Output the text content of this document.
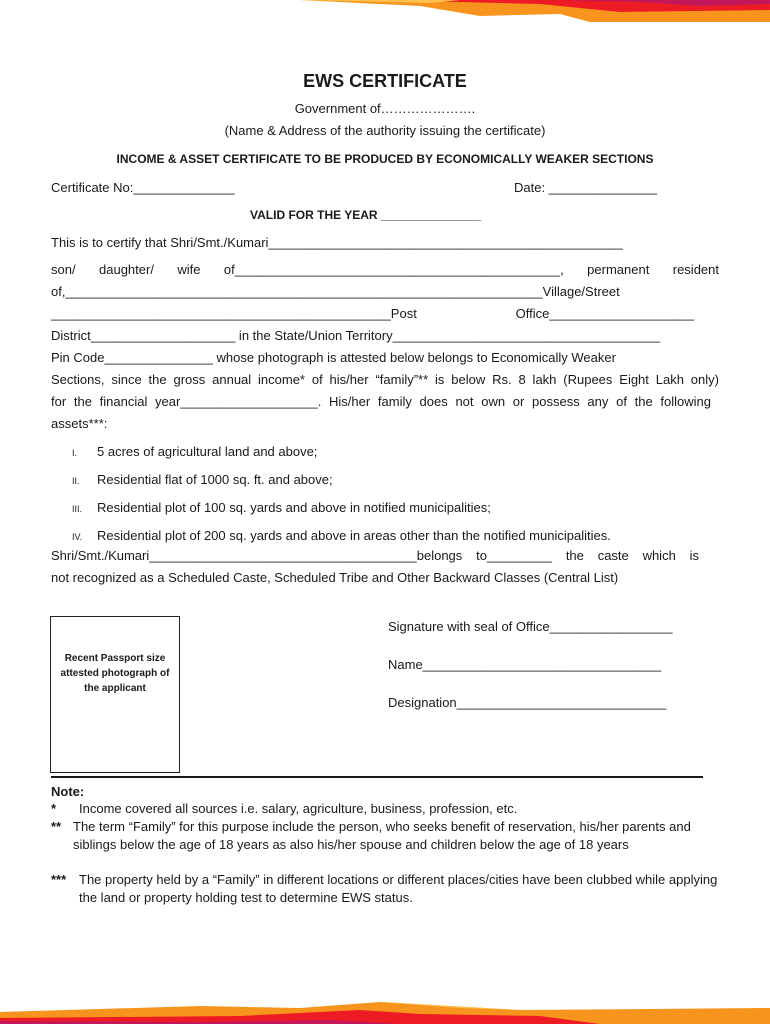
EWS CERTIFICATE
Government of………………….
(Name & Address of the authority issuing the certificate)
INCOME & ASSET CERTIFICATE TO BE PRODUCED BY ECONOMICALLY WEAKER SECTIONS
Certificate No:______________	Date: _______________
VALID FOR THE YEAR _______________
This is to certify that Shri/Smt./Kumari_________________________________________________
son/ daughter/ wife of_____________________________________________, permanent resident
of,__________________________________________________________________Village/Street
_______________________________________________Post Office____________________
District____________________ in the State/Union Territory_____________________________________
Pin Code_______________ whose photograph is attested below belongs to Economically Weaker
Sections, since the gross annual income* of his/her “family”** is below Rs. 8 lakh (Rupees Eight Lakh only)
for the financial year___________________. His/her family does not own or possess any of the following
assets***:
I. 5 acres of agricultural land and above;
II. Residential flat of 1000 sq. ft. and above;
III. Residential plot of 100 sq. yards and above in notified municipalities;
IV. Residential plot of 200 sq. yards and above in areas other than the notified municipalities.
Shri/Smt./Kumari_____________________________________belongs to_________ the caste which is
not recognized as a Scheduled Caste, Scheduled Tribe and Other Backward Classes (Central List)
Recent Passport size attested photograph of the applicant
Signature with seal of Office_________________
Name_________________________________
Designation_____________________________
Note:
*	Income covered all sources i.e. salary, agriculture, business, profession, etc.
** The term “Family” for this purpose include the person, who seeks benefit of reservation, his/her parents and siblings below the age of 18 years as also his/her spouse and children below the age of 18 years
*** The property held by a “Family” in different locations or different places/cities have been clubbed while applying the land or property holding test to determine EWS status.
